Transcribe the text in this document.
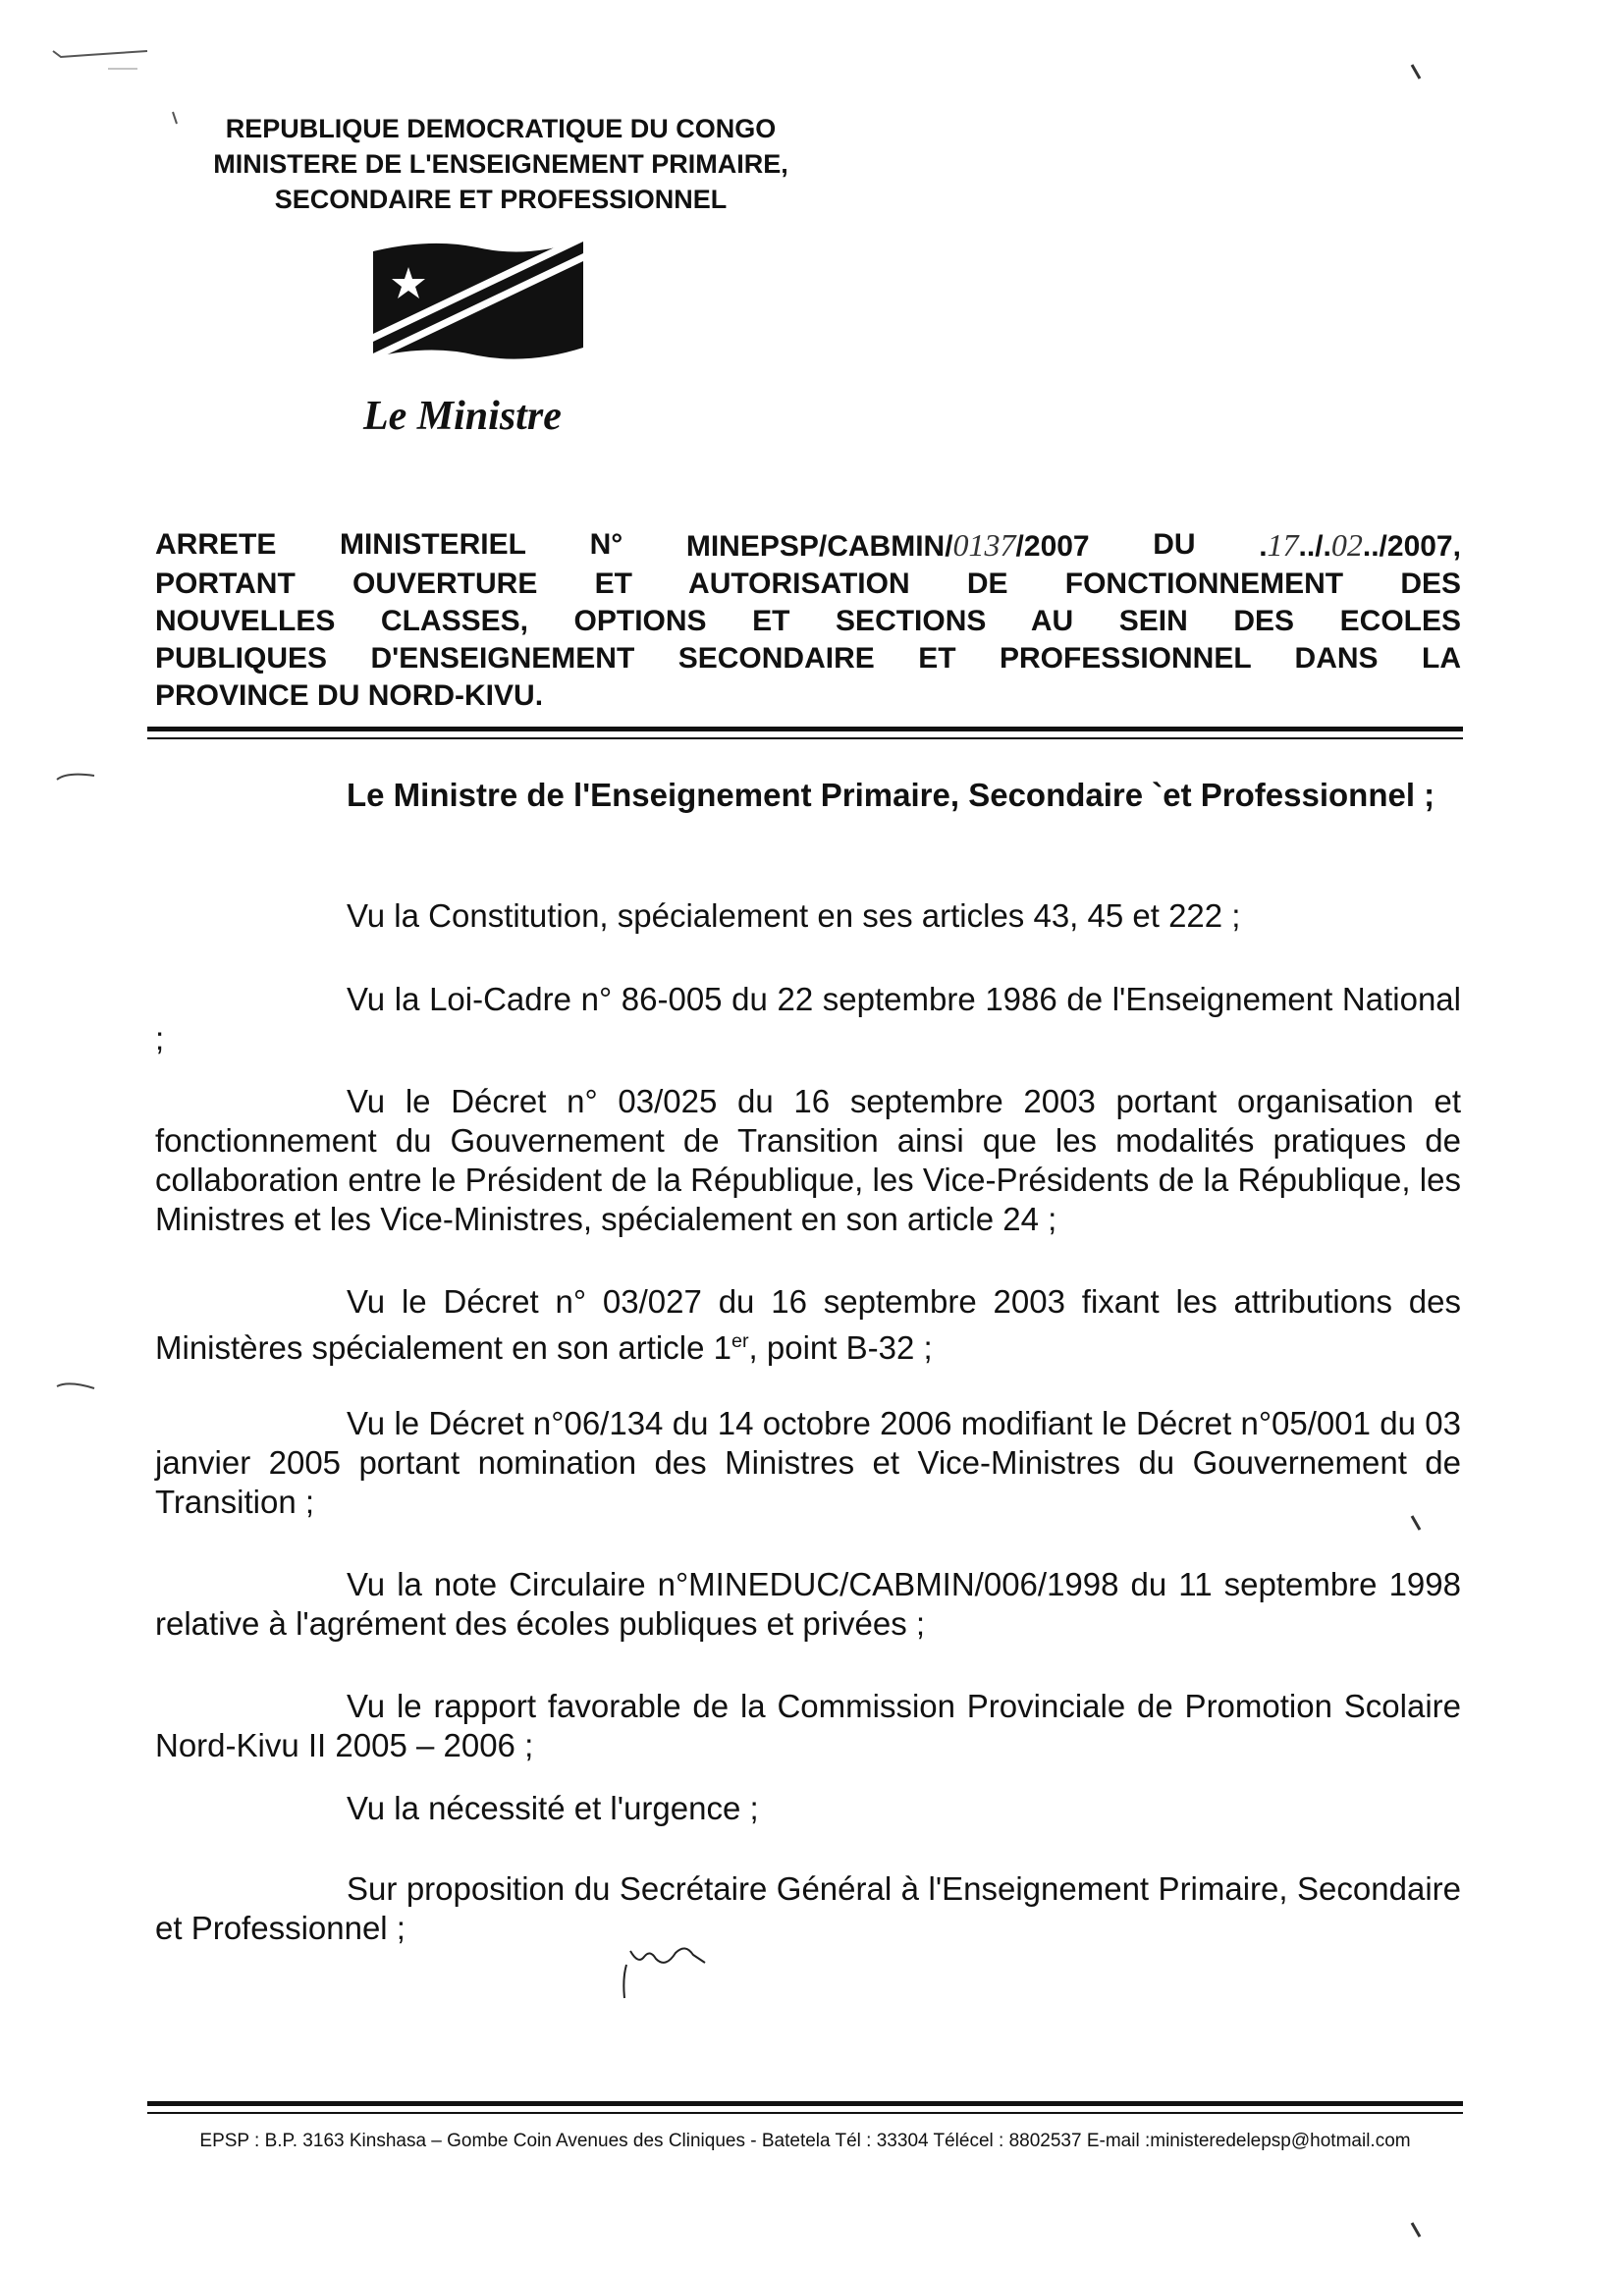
REPUBLIQUE DEMOCRATIQUE DU CONGO
MINISTERE DE L'ENSEIGNEMENT PRIMAIRE,
SECONDAIRE ET PROFESSIONNEL
Le Ministre
ARRETE MINISTERIEL N° MINEPSP/CABMIN/0137/2007 DU .17../.02../2007,
PORTANT OUVERTURE ET AUTORISATION DE FONCTIONNEMENT DES
NOUVELLES CLASSES, OPTIONS ET SECTIONS AU SEIN DES ECOLES
PUBLIQUES D'ENSEIGNEMENT SECONDAIRE ET PROFESSIONNEL DANS LA
PROVINCE DU NORD-KIVU.

Le Ministre de l'Enseignement Primaire, Secondaire `et Professionnel ;

Vu la Constitution, spécialement en ses articles 43, 45 et 222 ;

Vu la Loi-Cadre n° 86-005 du 22 septembre 1986 de l'Enseignement National ;

Vu le Décret n° 03/025 du 16 septembre 2003 portant organisation et fonctionnement du Gouvernement de Transition ainsi que les modalités pratiques de collaboration entre le Président de la République, les Vice-Présidents de la République, les Ministres et les Vice-Ministres, spécialement en son article 24 ;

Vu le Décret n° 03/027 du 16 septembre 2003 fixant les attributions des Ministères spécialement en son article 1er, point B-32 ;

Vu le Décret n°06/134 du 14 octobre 2006 modifiant le Décret n°05/001 du 03 janvier 2005 portant nomination des Ministres et Vice-Ministres du Gouvernement de Transition ;

Vu la note Circulaire n°MINEDUC/CABMIN/006/1998 du 11 septembre 1998 relative à l'agrément des écoles publiques et privées ;

Vu le rapport favorable de la Commission Provinciale de Promotion Scolaire Nord-Kivu II 2005 – 2006 ;

Vu la nécessité et l'urgence ;

Sur proposition du Secrétaire Général à l'Enseignement Primaire, Secondaire et Professionnel ;

EPSP : B.P. 3163 Kinshasa – Gombe Coin Avenues des Cliniques - Batetela Tél : 33304 Télécel : 8802537 E-mail :ministeredelepsp@hotmail.com
